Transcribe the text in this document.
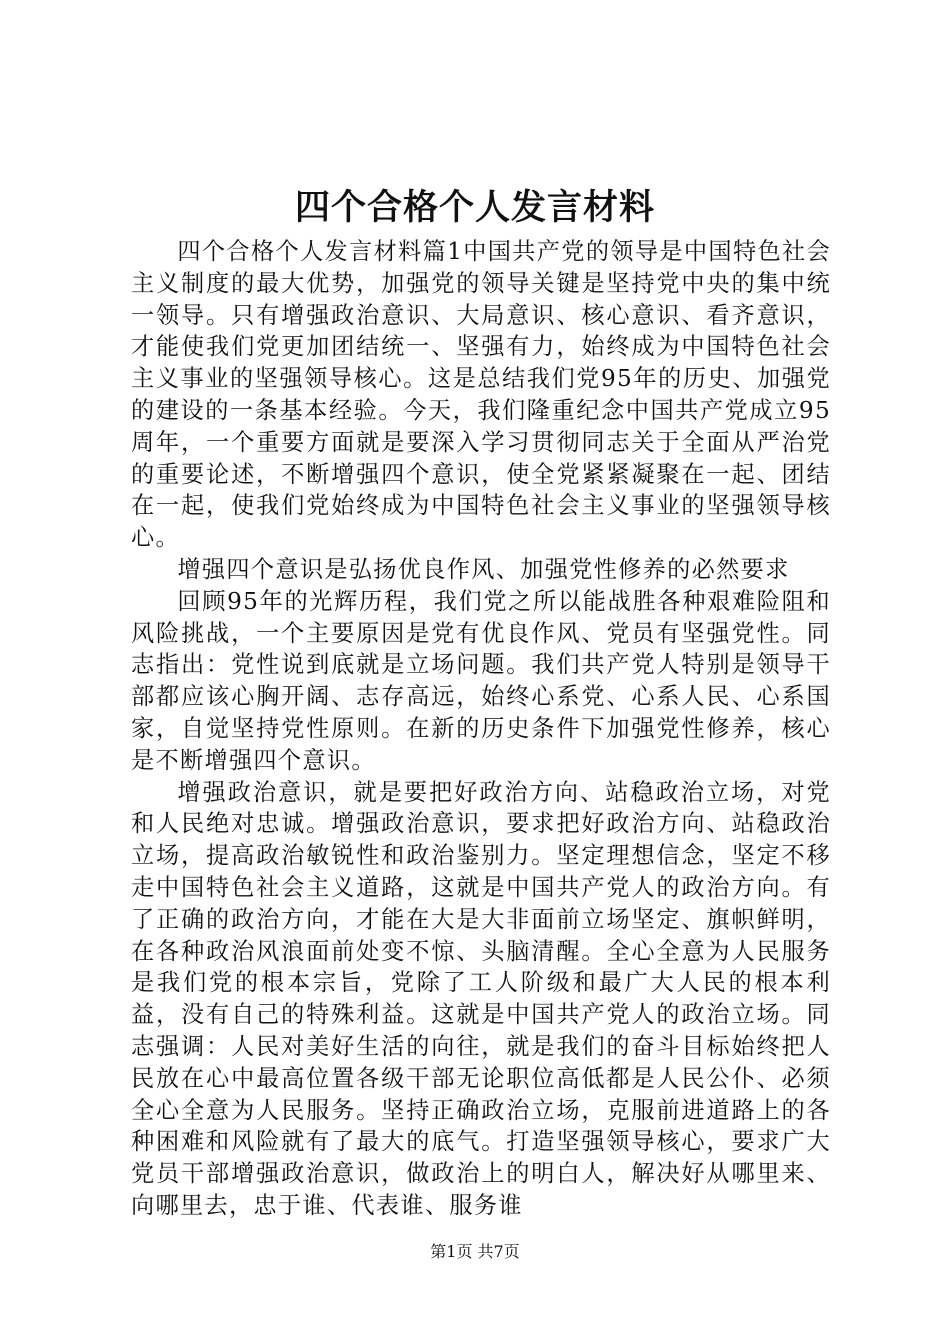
四个合格个人发言材料

四个合格个人发言材料篇1中国共产党的领导是中国特色社会主义制度的最大优势，加强党的领导关键是坚持党中央的集中统一领导。只有增强政治意识、大局意识、核心意识、看齐意识，才能使我们党更加团结统一、坚强有力，始终成为中国特色社会主义事业的坚强领导核心。这是总结我们党95年的历史、加强党的建设的一条基本经验。今天，我们隆重纪念中国共产党成立95周年，一个重要方面就是要深入学习贯彻同志关于全面从严治党的重要论述，不断增强四个意识，使全党紧紧凝聚在一起、团结在一起，使我们党始终成为中国特色社会主义事业的坚强领导核心。

增强四个意识是弘扬优良作风、加强党性修养的必然要求

回顾95年的光辉历程，我们党之所以能战胜各种艰难险阻和风险挑战，一个主要原因是党有优良作风、党员有坚强党性。同志指出：党性说到底就是立场问题。我们共产党人特别是领导干部都应该心胸开阔、志存高远，始终心系党、心系人民、心系国家，自觉坚持党性原则。在新的历史条件下加强党性修养，核心是不断增强四个意识。

增强政治意识，就是要把好政治方向、站稳政治立场，对党和人民绝对忠诚。增强政治意识，要求把好政治方向、站稳政治立场，提高政治敏锐性和政治鉴别力。坚定理想信念，坚定不移走中国特色社会主义道路，这就是中国共产党人的政治方向。有了正确的政治方向，才能在大是大非面前立场坚定、旗帜鲜明，在各种政治风浪面前处变不惊、头脑清醒。全心全意为人民服务是我们党的根本宗旨，党除了工人阶级和最广大人民的根本利益，没有自己的特殊利益。这就是中国共产党人的政治立场。同志强调：人民对美好生活的向往，就是我们的奋斗目标始终把人民放在心中最高位置各级干部无论职位高低都是人民公仆、必须全心全意为人民服务。坚持正确政治立场，克服前进道路上的各种困难和风险就有了最大的底气。打造坚强领导核心，要求广大党员干部增强政治意识，做政治上的明白人，解决好从哪里来、向哪里去，忠于谁、代表谁、服务谁

第1页 共7页
